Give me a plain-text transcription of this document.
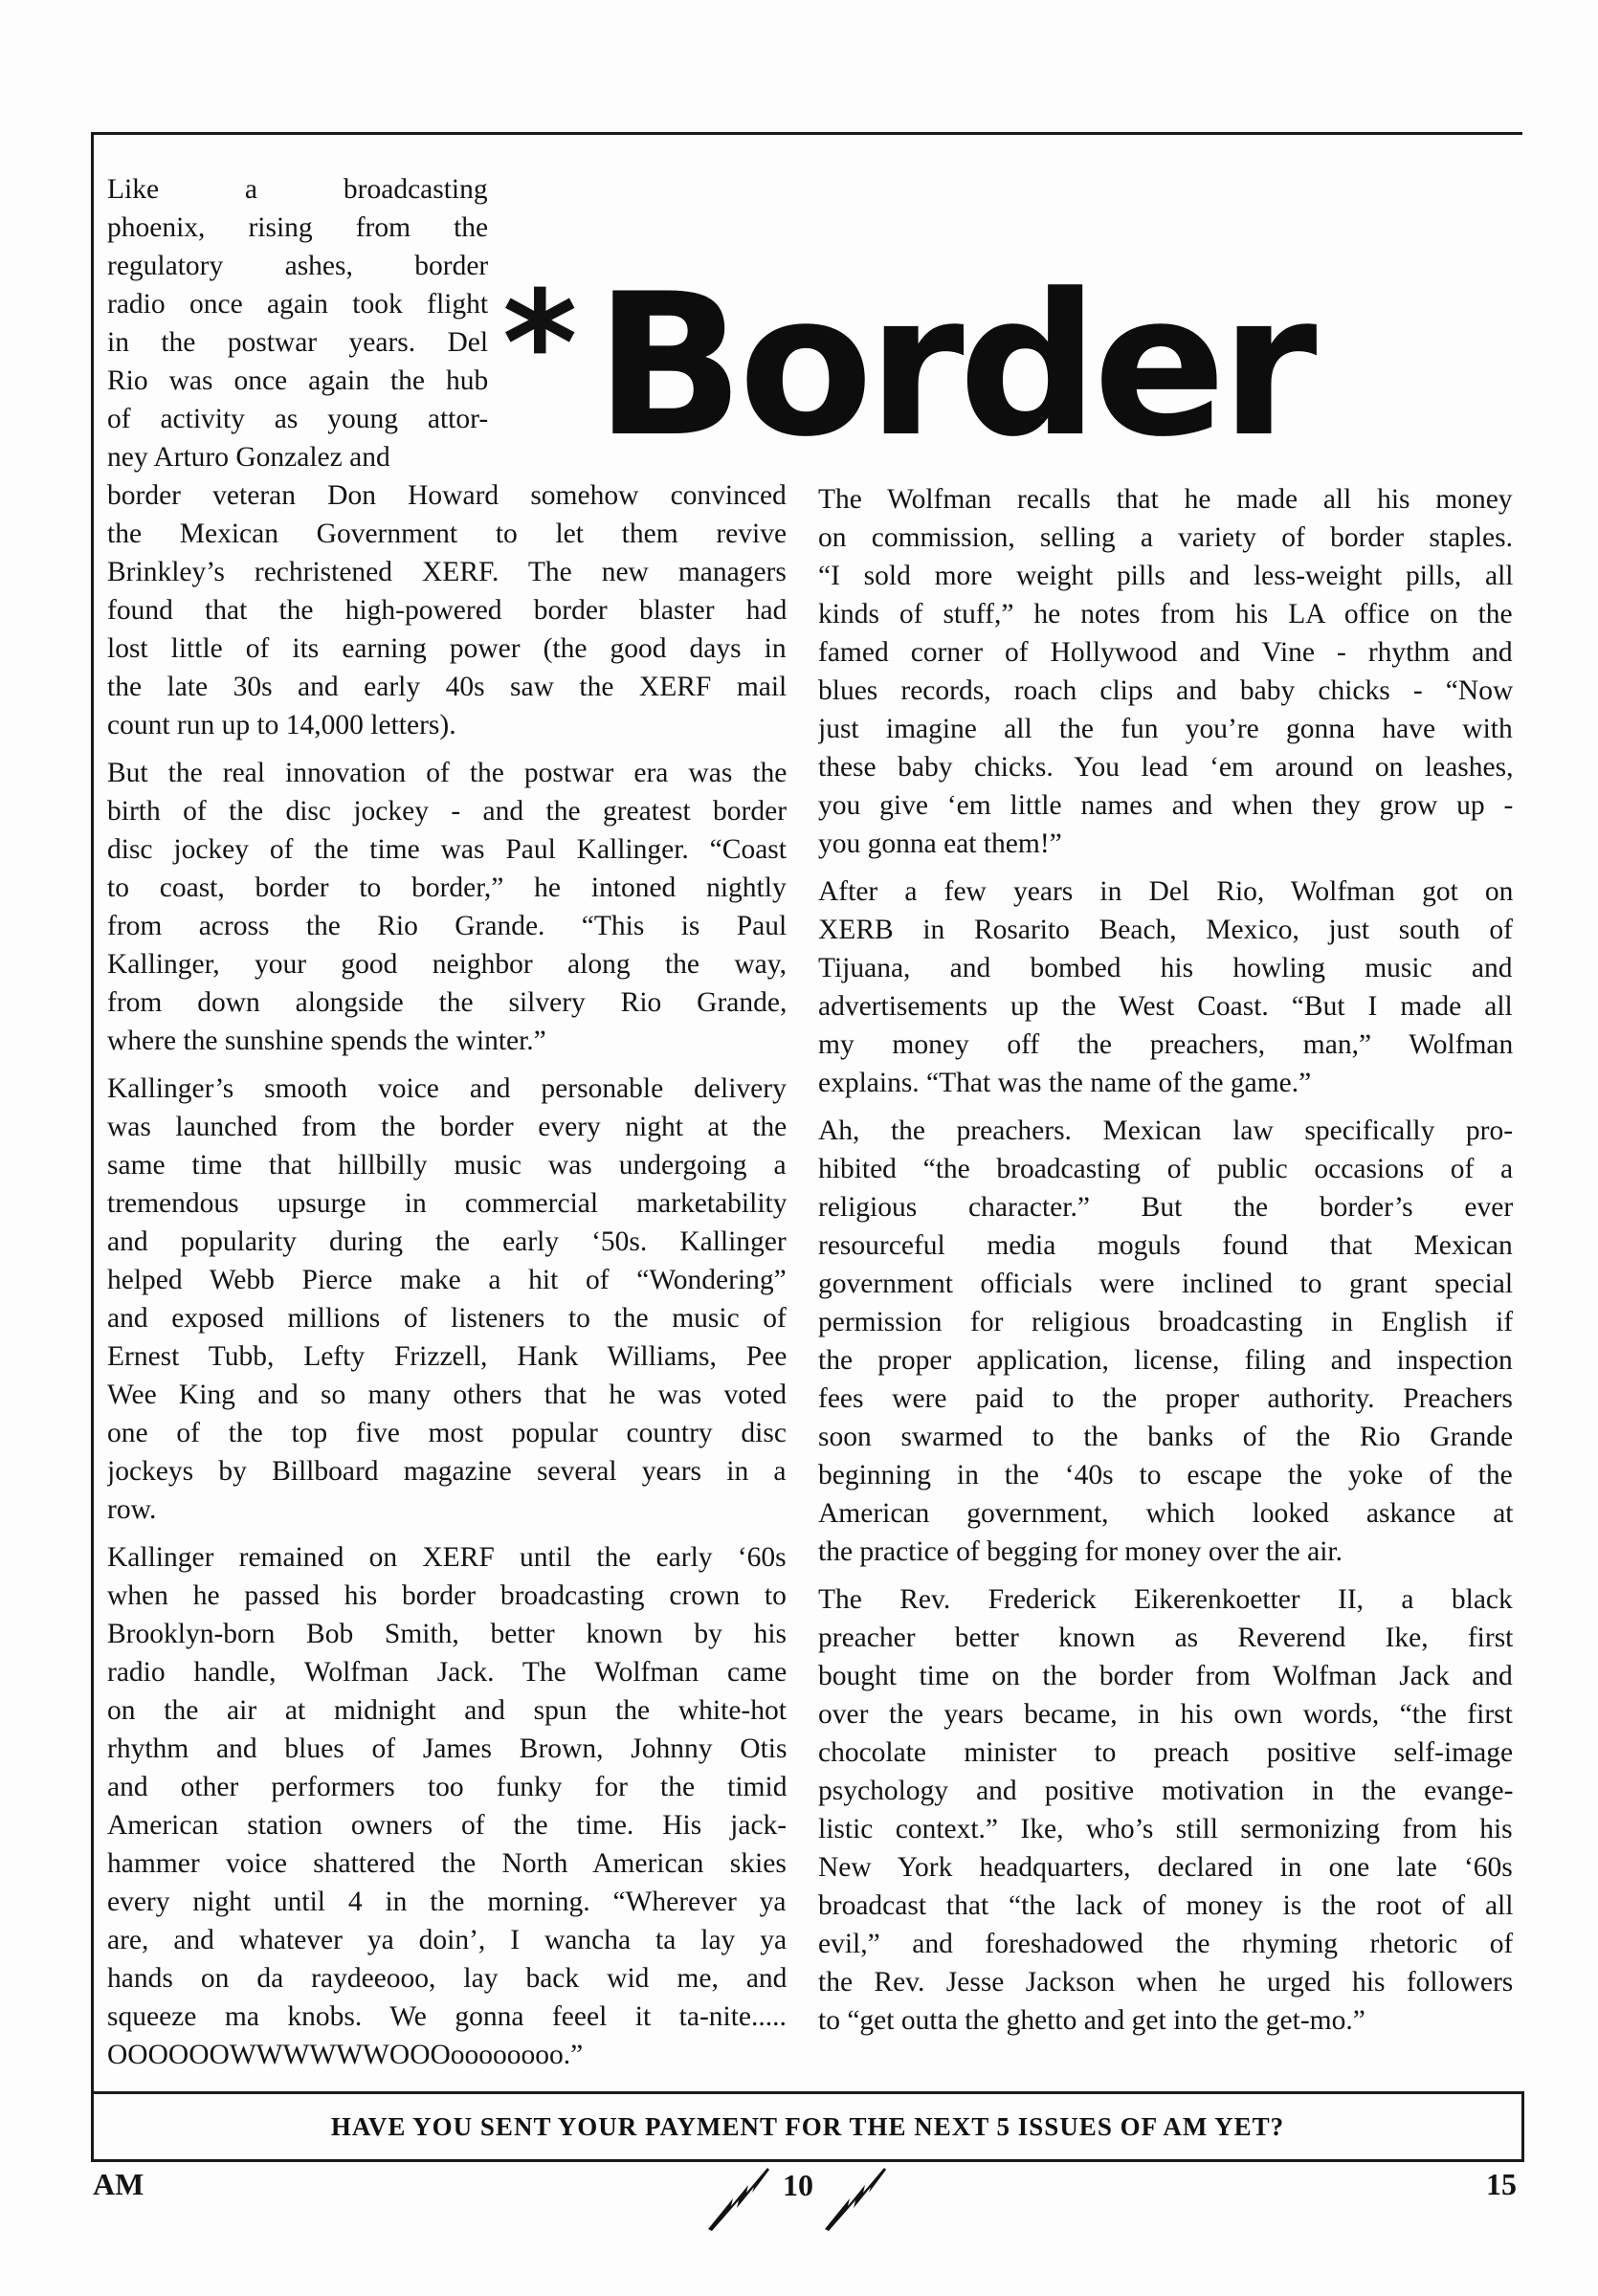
Like a broadcasting
phoenix, rising from the
regulatory ashes, border
radio once again took flight
in the postwar years. Del
Rio was once again the hub
of activity as young attor-
ney Arturo Gonzalez and
* Border

border veteran Don Howard somehow convinced
the Mexican Government to let them revive
Brinkley’s rechristened XERF. The new managers
found that the high-powered border blaster had
lost little of its earning power (the good days in
the late 30s and early 40s saw the XERF mail
count run up to 14,000 letters).

But the real innovation of the postwar era was the
birth of the disc jockey - and the greatest border
disc jockey of the time was Paul Kallinger. “Coast
to coast, border to border,” he intoned nightly
from across the Rio Grande. “This is Paul
Kallinger, your good neighbor along the way,
from down alongside the silvery Rio Grande,
where the sunshine spends the winter.”

Kallinger’s smooth voice and personable delivery
was launched from the border every night at the
same time that hillbilly music was undergoing a
tremendous upsurge in commercial marketability
and popularity during the early ‘50s. Kallinger
helped Webb Pierce make a hit of “Wondering”
and exposed millions of listeners to the music of
Ernest Tubb, Lefty Frizzell, Hank Williams, Pee
Wee King and so many others that he was voted
one of the top five most popular country disc
jockeys by Billboard magazine several years in a
row.

Kallinger remained on XERF until the early ‘60s
when he passed his border broadcasting crown to
Brooklyn-born Bob Smith, better known by his
radio handle, Wolfman Jack. The Wolfman came
on the air at midnight and spun the white-hot
rhythm and blues of James Brown, Johnny Otis
and other performers too funky for the timid
American station owners of the time. His jack-
hammer voice shattered the North American skies
every night until 4 in the morning. “Wherever ya
are, and whatever ya doin’, I wancha ta lay ya
hands on da raydeeooo, lay back wid me, and
squeeze ma knobs. We gonna feeel it ta-nite.....
OOOOOOWWWWWWOOOoooooooo.”

The Wolfman recalls that he made all his money
on commission, selling a variety of border staples.
“I sold more weight pills and less-weight pills, all
kinds of stuff,” he notes from his LA office on the
famed corner of Hollywood and Vine - rhythm and
blues records, roach clips and baby chicks - “Now
just imagine all the fun you’re gonna have with
these baby chicks. You lead ‘em around on leashes,
you give ‘em little names and when they grow up -
you gonna eat them!”

After a few years in Del Rio, Wolfman got on
XERB in Rosarito Beach, Mexico, just south of
Tijuana, and bombed his howling music and
advertisements up the West Coast. “But I made all
my money off the preachers, man,” Wolfman
explains. “That was the name of the game.”

Ah, the preachers. Mexican law specifically pro-
hibited “the broadcasting of public occasions of a
religious character.” But the border’s ever
resourceful media moguls found that Mexican
government officials were inclined to grant special
permission for religious broadcasting in English if
the proper application, license, filing and inspection
fees were paid to the proper authority. Preachers
soon swarmed to the banks of the Rio Grande
beginning in the ‘40s to escape the yoke of the
American government, which looked askance at
the practice of begging for money over the air.

The Rev. Frederick Eikerenkoetter II, a black
preacher better known as Reverend Ike, first
bought time on the border from Wolfman Jack and
over the years became, in his own words, “the first
chocolate minister to preach positive self-image
psychology and positive motivation in the evange-
listic context.” Ike, who’s still sermonizing from his
New York headquarters, declared in one late ‘60s
broadcast that “the lack of money is the root of all
evil,” and foreshadowed the rhyming rhetoric of
the Rev. Jesse Jackson when he urged his followers
to “get outta the ghetto and get into the get-mo.”

HAVE YOU SENT YOUR PAYMENT FOR THE NEXT 5 ISSUES OF AM YET?
AM	10	15
